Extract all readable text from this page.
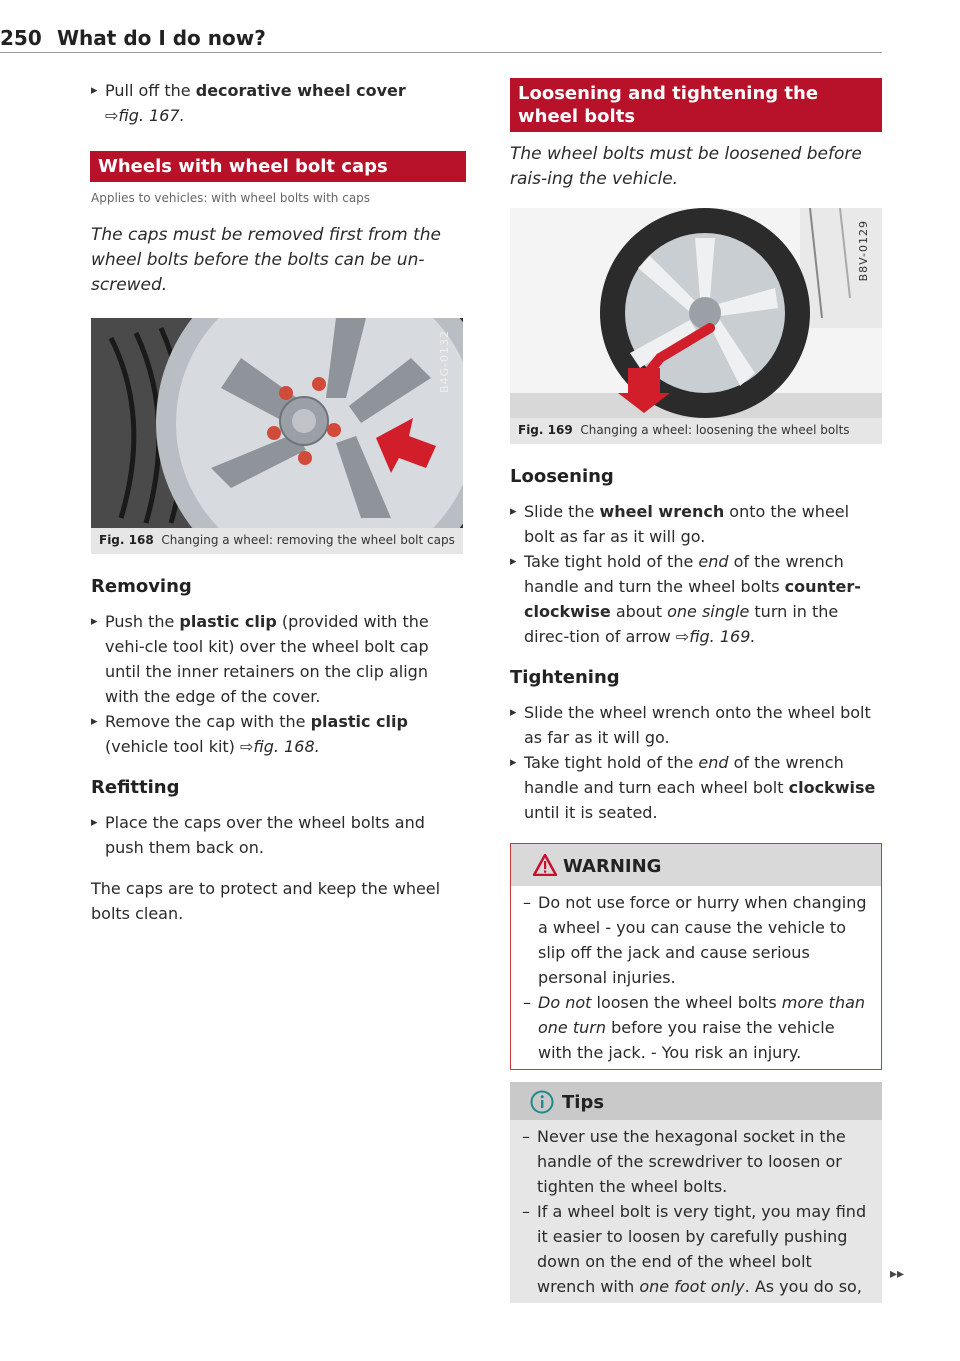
250 What do I do now?
▸ Pull off the decorative wheel cover
⇨fig. 167.
Wheels with wheel bolt caps
Applies to vehicles: with wheel bolts with caps
The caps must be removed first from the wheel bolts before the bolts can be un-screwed.
B4G-0132
Fig. 168 Changing a wheel: removing the wheel bolt caps
Removing
▸ Push the plastic clip (provided with the vehi-cle tool kit) over the wheel bolt cap until the inner retainers on the clip align with the edge of the cover.
▸ Remove the cap with the plastic clip (vehicle tool kit) ⇨fig. 168.
Refitting
▸ Place the caps over the wheel bolts and push them back on.
The caps are to protect and keep the wheel bolts clean.
Loosening and tightening the wheel bolts
The wheel bolts must be loosened before rais-ing the vehicle.
B8V-0129
Fig. 169 Changing a wheel: loosening the wheel bolts
Loosening
▸ Slide the wheel wrench onto the wheel bolt as far as it will go.
▸ Take tight hold of the end of the wrench handle and turn the wheel bolts counter-clockwise about one single turn in the direc-tion of arrow ⇨fig. 169.
Tightening
▸ Slide the wheel wrench onto the wheel bolt as far as it will go.
▸ Take tight hold of the end of the wrench handle and turn each wheel bolt clockwise until it is seated.
WARNING
– Do not use force or hurry when changing a wheel - you can cause the vehicle to slip off the jack and cause serious personal injuries.
– Do not loosen the wheel bolts more than one turn before you raise the vehicle with the jack. - You risk an injury.
Tips
– Never use the hexagonal socket in the handle of the screwdriver to loosen or tighten the wheel bolts.
– If a wheel bolt is very tight, you may find it easier to loosen by carefully pushing down on the end of the wheel bolt wrench with one foot only. As you do so,
▸▸
